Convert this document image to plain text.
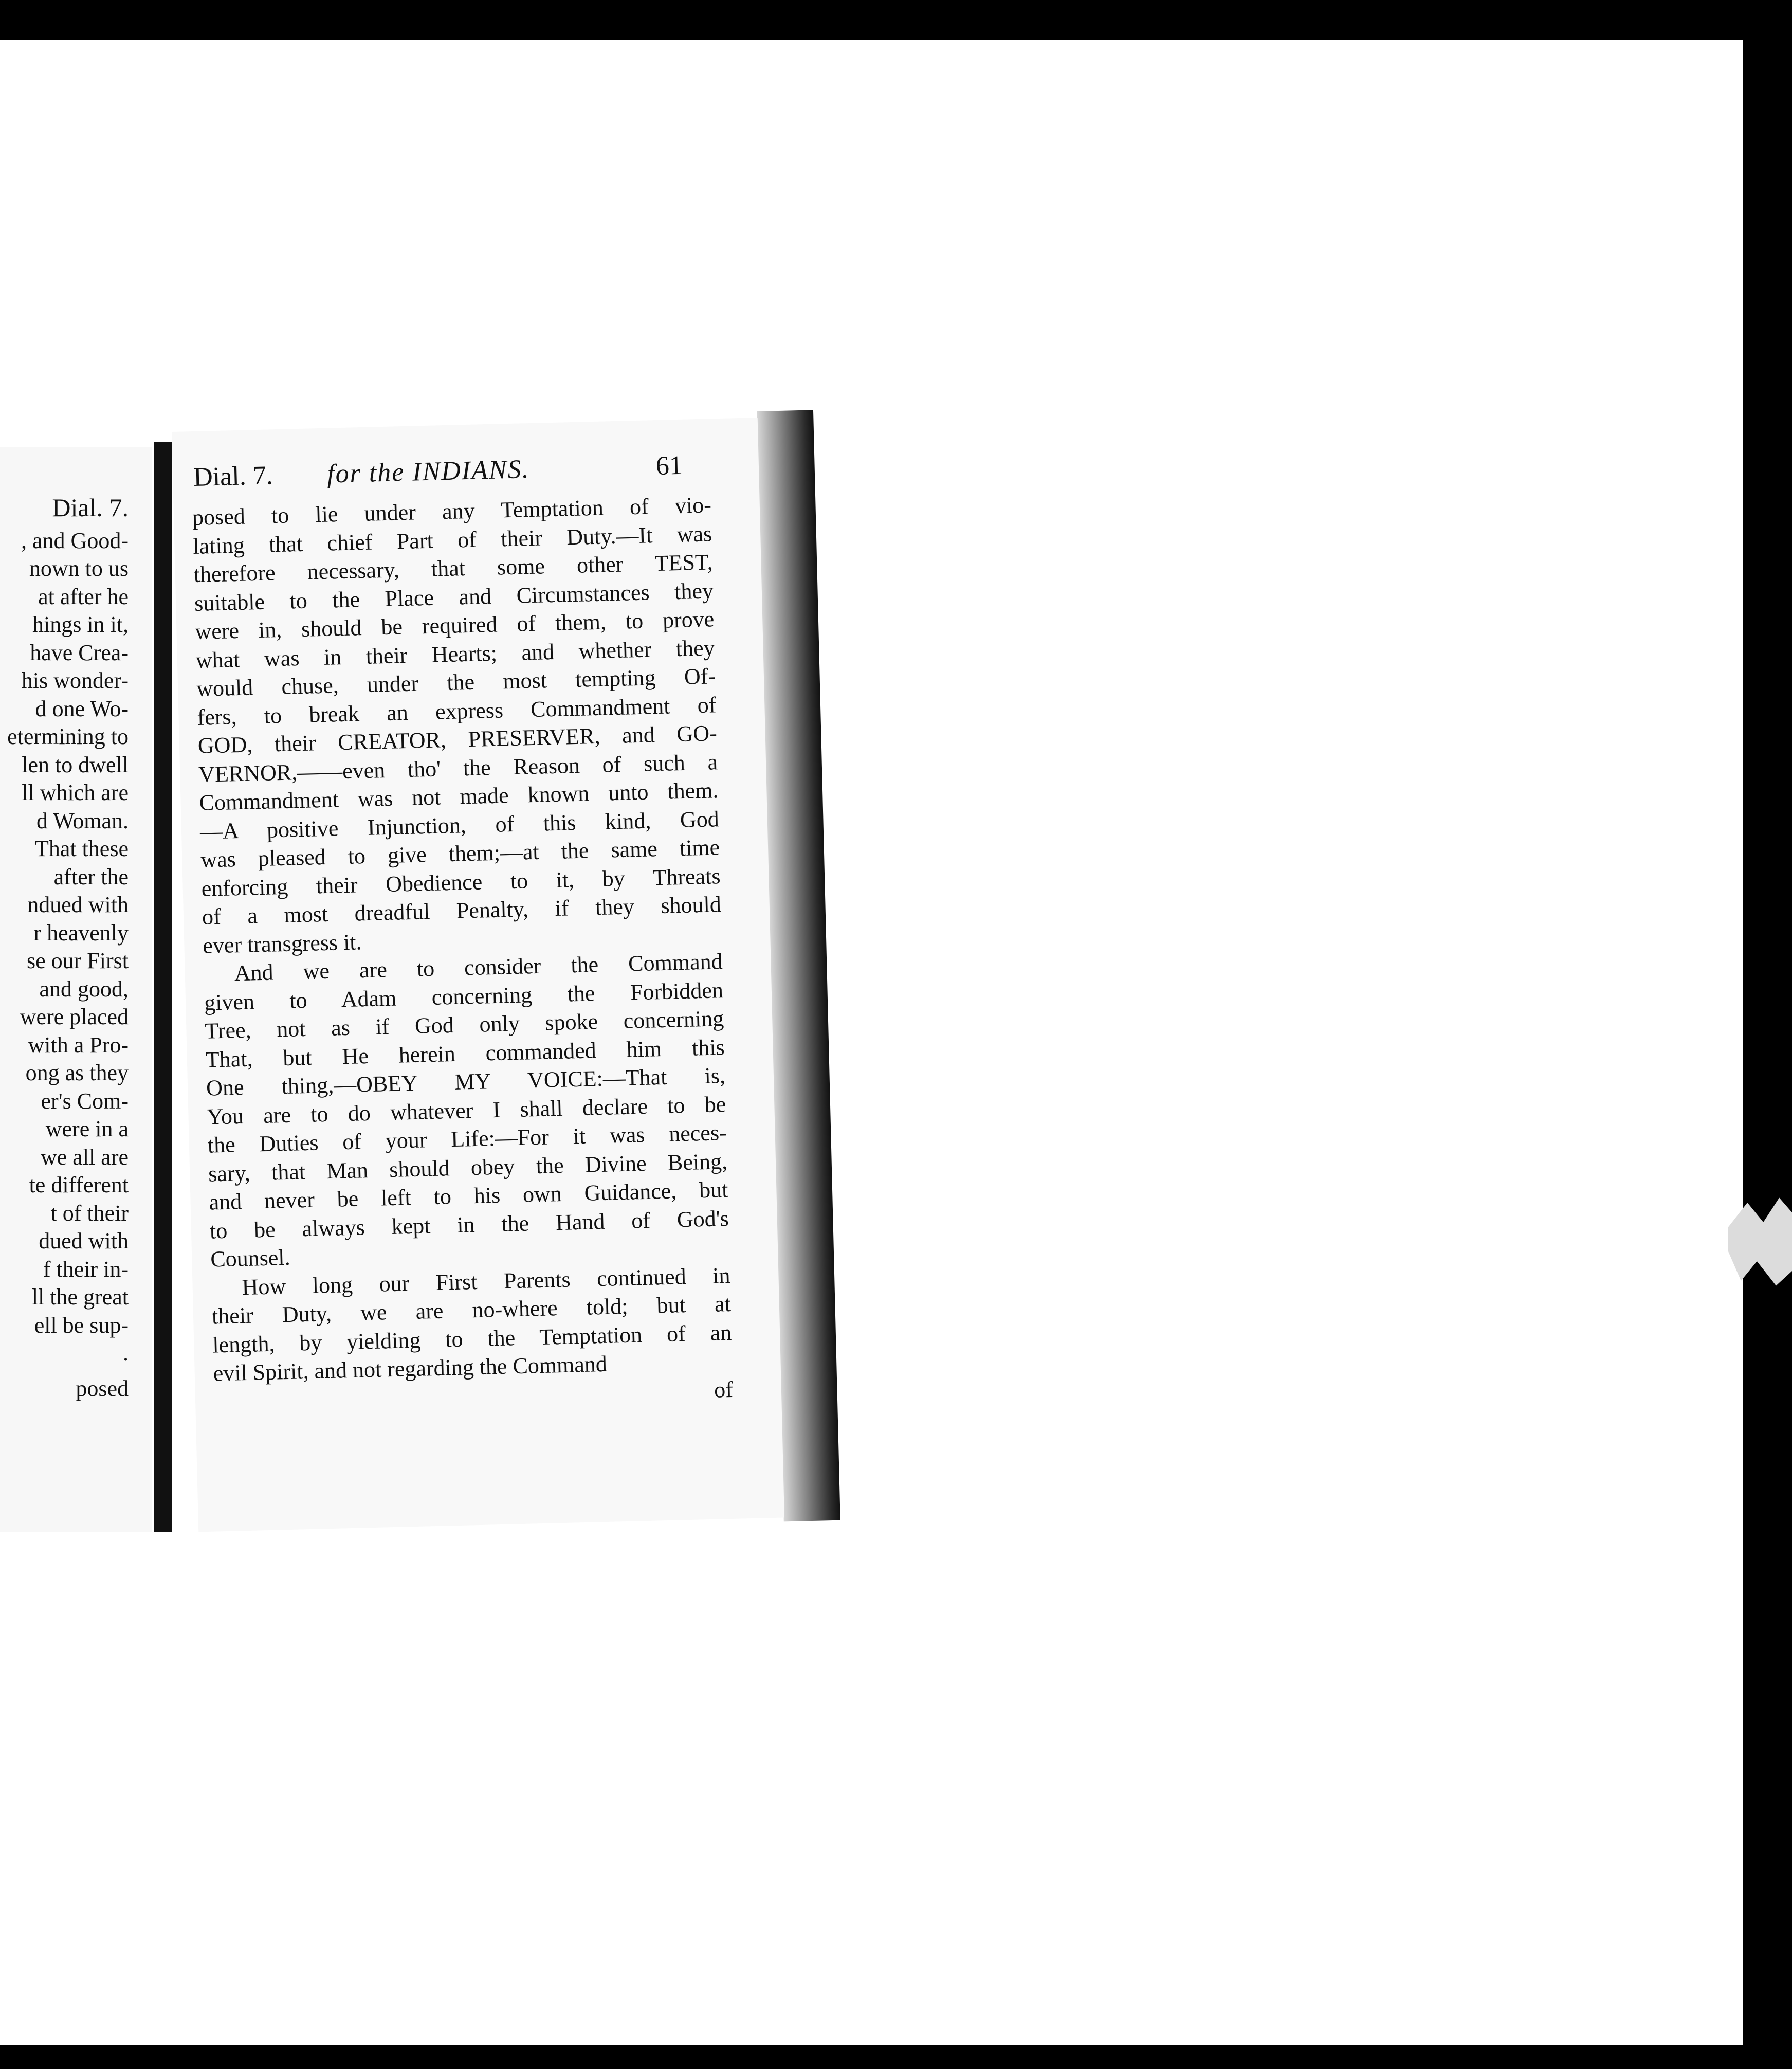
Dial. 7.
, and Good-
nown to us
at after he
hings in it,
have Crea-
his wonder-
d one Wo-
etermining to
len to dwell
ll which are
d Woman.
That these
after the
ndued with
r heavenly
se our First
and good,
were placed
with a Pro-
ong as they
er's Com-
were in a
we all are
te different
t of their
dued with
f their in-
ll the great
ell be sup-
.
posed
Dial. 7. for the INDIANS.	61
posed to lie under any Temptation of vio-
lating that chief Part of their Duty.—It was
therefore necessary, that some other TEST,
suitable to the Place and Circumstances they
were in, should be required of them, to prove
what was in their Hearts; and whether they
would chuse, under the most tempting Of-
fers, to break an express Commandment of
GOD, their CREATOR, PRESERVER, and GO-
VERNOR,——even tho' the Reason of such a
Commandment was not made known unto them.
—A positive Injunction, of this kind, God
was pleased to give them;—at the same time
enforcing their Obedience to it, by Threats
of a most dreadful Penalty, if they should
ever transgress it.
And we are to consider the Command
given to Adam concerning the Forbidden
Tree, not as if God only spoke concerning
That, but He herein commanded him this
One thing,—OBEY MY VOICE:—That is,
You are to do whatever I shall declare to be
the Duties of your Life:—For it was neces-
sary, that Man should obey the Divine Being,
and never be left to his own Guidance, but
to be always kept in the Hand of God's
Counsel.
How long our First Parents continued in
their Duty, we are no-where told; but at
length, by yielding to the Temptation of an
evil Spirit, and not regarding the Command
of
